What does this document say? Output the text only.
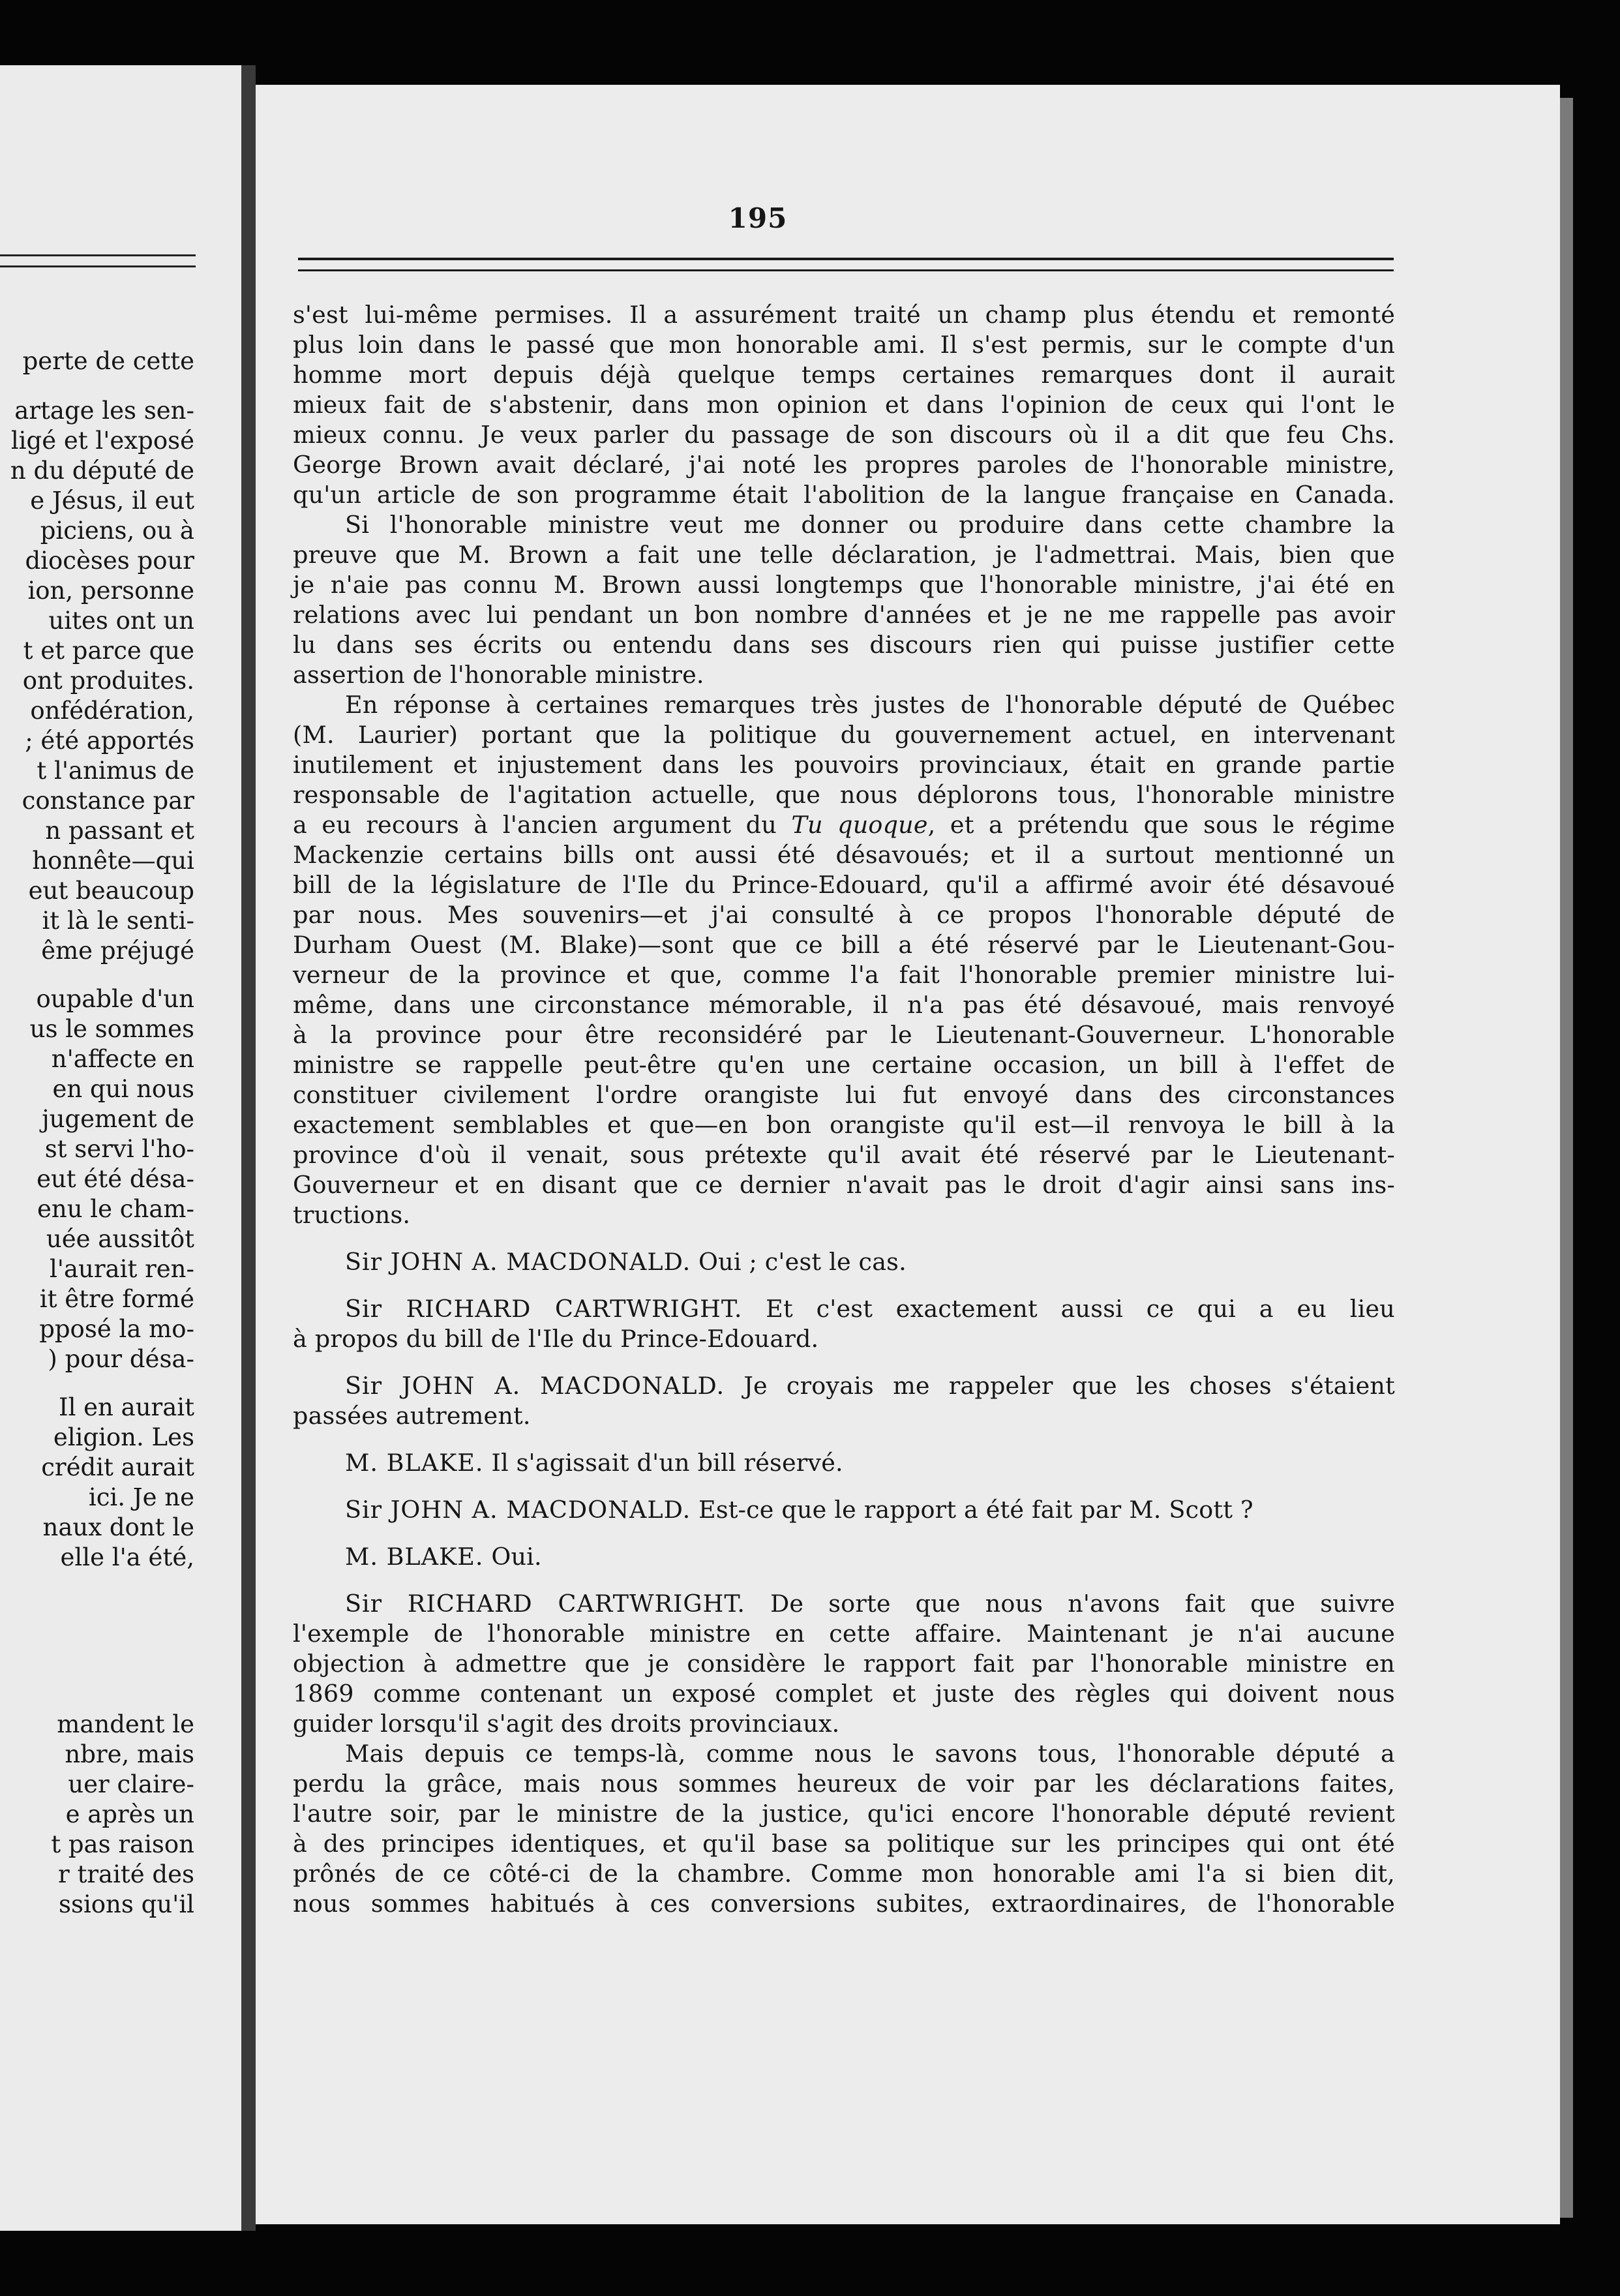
perte de cette
artage les sen-
ligé et l'exposé
n du député de
e Jésus, il eut
piciens, ou à
diocèses pour
ion, personne
uites ont un
t et parce que
ont produites.
onfédération,
; été apportés
t l'animus de
constance par
n passant et
honnête—qui
eut beaucoup
it là le senti-
ême préjugé
oupable d'un
us le sommes
n'affecte en
en qui nous
jugement de
st servi l'ho-
eut été désa-
enu le cham-
uée aussitôt
l'aurait ren-
it être formé
pposé la mo-
) pour désa-
Il en aurait
eligion. Les
crédit aurait
ici. Je ne
naux dont le
elle l'a été,
mandent le
nbre, mais
uer claire-
e après un
t pas raison
r traité des
ssions qu'il
195
s'est lui-même permises. Il a assurément traité un champ plus étendu et remonté
plus loin dans le passé que mon honorable ami. Il s'est permis, sur le compte d'un
homme mort depuis déjà quelque temps certaines remarques dont il aurait
mieux fait de s'abstenir, dans mon opinion et dans l'opinion de ceux qui l'ont le
mieux connu. Je veux parler du passage de son discours où il a dit que feu Chs.
George Brown avait déclaré, j'ai noté les propres paroles de l'honorable ministre,
qu'un article de son programme était l'abolition de la langue française en Canada.
Si l'honorable ministre veut me donner ou produire dans cette chambre la
preuve que M. Brown a fait une telle déclaration, je l'admettrai. Mais, bien que
je n'aie pas connu M. Brown aussi longtemps que l'honorable ministre, j'ai été en
relations avec lui pendant un bon nombre d'années et je ne me rappelle pas avoir
lu dans ses écrits ou entendu dans ses discours rien qui puisse justifier cette
assertion de l'honorable ministre.
En réponse à certaines remarques très justes de l'honorable député de Québec
(M. Laurier) portant que la politique du gouvernement actuel, en intervenant
inutilement et injustement dans les pouvoirs provinciaux, était en grande partie
responsable de l'agitation actuelle, que nous déplorons tous, l'honorable ministre
a eu recours à l'ancien argument du Tu quoque, et a prétendu que sous le régime
Mackenzie certains bills ont aussi été désavoués; et il a surtout mentionné un
bill de la législature de l'Ile du Prince-Edouard, qu'il a affirmé avoir été désavoué
par nous. Mes souvenirs—et j'ai consulté à ce propos l'honorable député de
Durham Ouest (M. Blake)—sont que ce bill a été réservé par le Lieutenant-Gou-
verneur de la province et que, comme l'a fait l'honorable premier ministre lui-
même, dans une circonstance mémorable, il n'a pas été désavoué, mais renvoyé
à la province pour être reconsidéré par le Lieutenant-Gouverneur. L'honorable
ministre se rappelle peut-être qu'en une certaine occasion, un bill à l'effet de
constituer civilement l'ordre orangiste lui fut envoyé dans des circonstances
exactement semblables et que—en bon orangiste qu'il est—il renvoya le bill à la
province d'où il venait, sous prétexte qu'il avait été réservé par le Lieutenant-
Gouverneur et en disant que ce dernier n'avait pas le droit d'agir ainsi sans ins-
tructions.
Sir JOHN A. MACDONALD. Oui ; c'est le cas.
Sir RICHARD CARTWRIGHT. Et c'est exactement aussi ce qui a eu lieu
à propos du bill de l'Ile du Prince-Edouard.
Sir JOHN A. MACDONALD. Je croyais me rappeler que les choses s'étaient
passées autrement.
M. BLAKE. Il s'agissait d'un bill réservé.
Sir JOHN A. MACDONALD. Est-ce que le rapport a été fait par M. Scott ?
M. BLAKE. Oui.
Sir RICHARD CARTWRIGHT. De sorte que nous n'avons fait que suivre
l'exemple de l'honorable ministre en cette affaire. Maintenant je n'ai aucune
objection à admettre que je considère le rapport fait par l'honorable ministre en
1869 comme contenant un exposé complet et juste des règles qui doivent nous
guider lorsqu'il s'agit des droits provinciaux.
Mais depuis ce temps-là, comme nous le savons tous, l'honorable député a
perdu la grâce, mais nous sommes heureux de voir par les déclarations faites,
l'autre soir, par le ministre de la justice, qu'ici encore l'honorable député revient
à des principes identiques, et qu'il base sa politique sur les principes qui ont été
prônés de ce côté-ci de la chambre. Comme mon honorable ami l'a si bien dit,
nous sommes habitués à ces conversions subites, extraordinaires, de l'honorable
